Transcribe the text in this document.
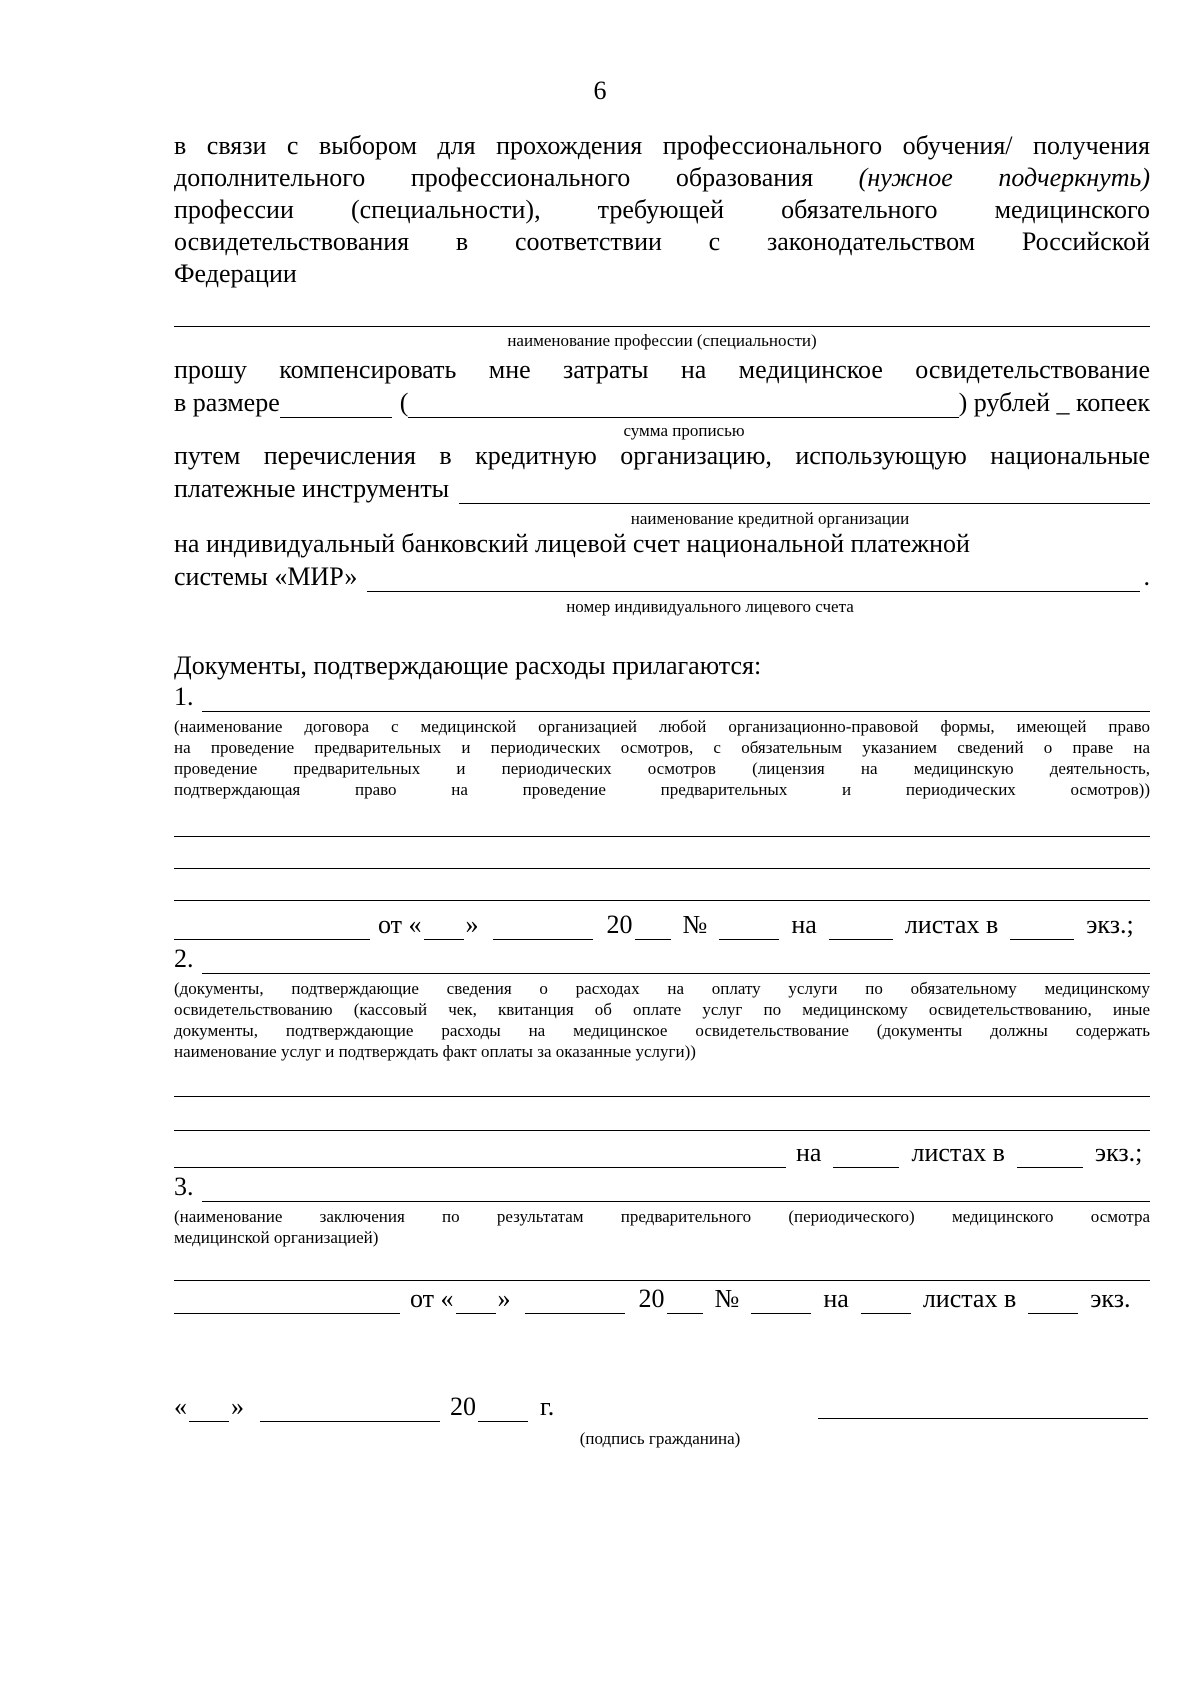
6
в связи с выбором для прохождения профессионального обучения/ получения
дополнительного профессионального образования (нужное подчеркнуть)
профессии (специальности), требующей обязательного медицинского
освидетельствования в соответствии с законодательством Российской
Федерации
наименование профессии (специальности)
прошу компенсировать мне затраты на медицинское освидетельствование
в размере	(	) рублей _ копеек
сумма прописью
путем перечисления в кредитную организацию, использующую национальные
платежные инструменты
наименование кредитной организации
на индивидуальный банковский лицевой счет национальной платежной
системы «МИР»	.
номер индивидуального лицевого счета
Документы, подтверждающие расходы прилагаются:
1.
(наименование договора с медицинской организацией любой организационно-правовой формы, имеющей право
на проведение предварительных и периодических осмотров, с обязательным указанием сведений о праве на
проведение предварительных и периодических осмотров (лицензия на медицинскую деятельность,
подтверждающая право на проведение предварительных и периодических осмотров))
от « »	20 №	на	листах в	экз.;
2.
(документы, подтверждающие сведения о расходах на оплату услуги по обязательному медицинскому
освидетельствованию (кассовый чек, квитанция об оплате услуг по медицинскому освидетельствованию, иные
документы, подтверждающие расходы на медицинское освидетельствование (документы должны содержать
наименование услуг и подтверждать факт оплаты за оказанные услуги))
на	листах в	экз.;
3.
(наименование заключения по результатам предварительного (периодического) медицинского осмотра
медицинской организацией)
от « »	20 №	на	листах в	экз.
« »	20 г.
(подпись гражданина)
